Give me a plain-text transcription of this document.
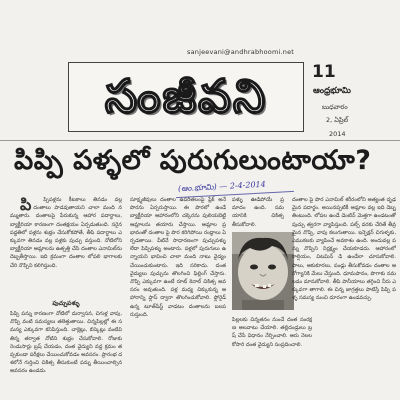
sanjeevani@andhrabhoomi.net
సంజీవని	11
ఆంధ్రభూమి
బుధవారం
2, ఏప్రిల్
2014
పిప్పి పళ్ళలో పురుగులుంటాయా?
(ఆం.భూమి) — 2-4-2014
పి ప్పిపళ్లను కీటకాలు తినడం వల్ల దంతాలు పాడవుతాయని చాలా మంది నమ్ముతారు. దంతాలపై పేరుకున్న ఆహార పదార్థాలు, బ్యాక్టీరియా కారణంగా దంతక్షయం ఏర్పడుతుంది. సరైన పద్ధతిలో పళ్లను శుభ్రం చేసుకోకపోతే, తీపి పదార్థాలు ఎక్కువగా తినడం వల్ల పళ్లకు పుచ్చు వస్తుంది. నోటిలోని బ్యాక్టీరియా ఆమ్లాలను ఉత్పత్తి చేసి దంతాల ఎనామిల్‌ను దెబ్బతీస్తాయి. ఇది క్రమంగా దంతాల లోపలి భాగాలకు చేరి నొప్పిని కలిగిస్తుంది.
పుచ్చుపళ్ళు
పిప్పి పన్ను కారణంగా నోటిలో దుర్వాసన, చిగుళ్ల వాపు, నొప్పి వంటి సమస్యలు తలెత్తుతాయి. చిన్నపిల్లల్లో ఈ సమస్య ఎక్కువగా కనిపిస్తుంది. చాక్లెట్లు, బిస్కెట్లు వంటివి తిన్న తర్వాత నోటిని శుభ్రం చేసుకోవాలి. రోజుకు రెండుసార్లు బ్రష్ చేయడం, దంత వైద్యుని వద్ద క్రమం తప్పకుండా పరీక్షలు చేయించుకోవడం అవసరం. ప్రారంభ దశలోనే గుర్తించి చికిత్స తీసుకుంటే పన్ను తీయించాల్సిన అవసరం ఉండదు.
సూక్ష్మజీవులు దంతాల ఉపరితలంపై ప్లేక్ అనే పొరను ఏర్పరుస్తాయి. ఈ పొరలో ఉండే బ్యాక్టీరియా ఆహారంలోని చక్కెరను పులియబెట్టి ఆమ్లాలను తయారు చేస్తాయి. ఆమ్లాల ప్రభావంతో దంతాల పై పొర కరిగిపోయి రంధ్రాలు ఏర్పడతాయి. వీటినే సాధారణంగా పుచ్చుపళ్ళు లేదా పిప్పిపళ్ళు అంటారు. పళ్లలో పురుగులు ఉన్నాయని భావించి చాలా మంది నాటు వైద్యం చేయించుకుంటారు. ఇది సరికాదు. దంత వైద్యులు పుచ్చును తొలగించి ఫిల్లింగ్ చేస్తారు. నొప్పి ఎక్కువగా ఉంటే రూట్ కెనాల్ చికిత్స అవసరం అవుతుంది. పళ్ల మధ్య చిక్కుకున్న ఆహారాన్ని ఫ్లాస్ ద్వారా తొలగించుకోవాలి. ఫ్లోరైడ్ ఉన్న టూత్‌పేస్ట్ వాడటం దంతాలను బలపరుస్తుంది.
పళ్ళు ఊడిపోయే ప్రమాదం ఉంది. సమయానికి చికిత్స తీసుకోవాలి.
పిల్లలకు చిన్నతనం నుంచే దంత సంరక్షణ అలవాటు చేయాలి. తల్లిదండ్రులు బ్రష్ చేసే విధానం నేర్పించాలి. ఆరు నెలలకోసారి దంత వైద్యుని సంప్రదించాలి.
దంతాల పై పొర ఎనామిల్ శరీరంలోని అత్యంత దృఢమైన పదార్థం. అయినప్పటికీ ఆమ్లాల వల్ల ఇది దెబ్బతింటుంది. లోపల ఉండే డెంటిన్ మెత్తగా ఉండటంతో పుచ్చు త్వరగా వ్యాపిస్తుంది. పల్ప్ వరకు చేరితే తీవ్రమైన నొప్పి, వాపు కలుగుతాయి. ఇన్ఫెక్షన్ చిగుళ్ళకు, ఎముకలకు వ్యాపించే అవకాశం ఉంది. అందువల్ల పన్ను నొప్పిని నిర్లక్ష్యం చేయకూడదు. ఆహారంలో కాల్షియం, విటమిన్ డి ఉండేలా చూసుకోవాలి. పాలు, ఆకుకూరలు, పండ్లు తీసుకోవడం దంతాల ఆరోగ్యానికి మేలు చేస్తుంది. ధూమపానం, పొగాకు నమలడం మానుకోవాలి. తీపి పానీయాలు తగ్గించి నీరు ఎక్కువగా తాగాలి. ఈ చిన్న జాగ్రత్తలు పాటిస్తే పిప్పి పళ్ళ సమస్య నుంచి దూరంగా ఉండవచ్చు.
